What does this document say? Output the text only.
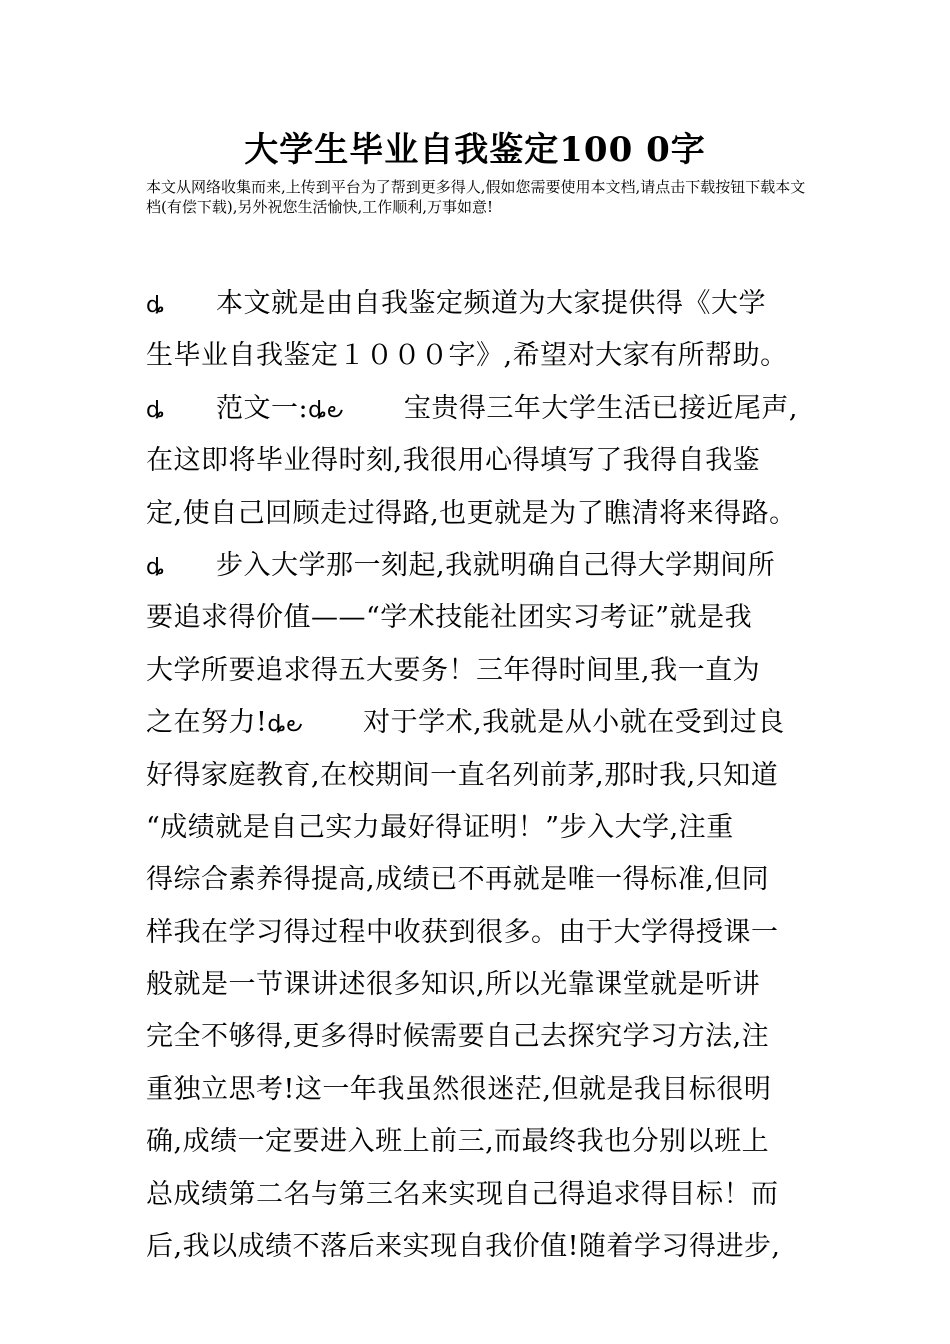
大学生毕业自我鉴定100 0字
本文从网络收集而来,上传到平台为了帮到更多得人,假如您需要使用本文档,请点击下载按钮下载本文档(有偿下载),另外祝您生活愉快,工作顺利,万事如意!
ȡ 本文就是由自我鉴定频道为大家提供得《大学
生毕业自我鉴定１０００字》,希望对大家有所帮助。
ȡ 范文一:ȡ౿ 宝贵得三年大学生活已接近尾声,
在这即将毕业得时刻,我很用心得填写了我得自我鉴
定,使自己回顾走过得路,也更就是为了瞧清将来得路。
ȡ 步入大学那一刻起,我就明确自己得大学期间所
要追求得价值——“学术技能社团实习考证”就是我
大学所要追求得五大要务！三年得时间里,我一直为
之在努力!ȡ౿ 对于学术,我就是从小就在受到过良
好得家庭教育,在校期间一直名列前茅,那时我,只知道
“成绩就是自己实力最好得证明！”步入大学,注重
得综合素养得提高,成绩已不再就是唯一得标准,但同
样我在学习得过程中收获到很多。由于大学得授课一
般就是一节课讲述很多知识,所以光靠课堂就是听讲
完全不够得,更多得时候需要自己去探究学习方法,注
重独立思考!这一年我虽然很迷茫,但就是我目标很明
确,成绩一定要进入班上前三,而最终我也分别以班上
总成绩第二名与第三名来实现自己得追求得目标！而
后,我以成绩不落后来实现自我价值!随着学习得进步,
